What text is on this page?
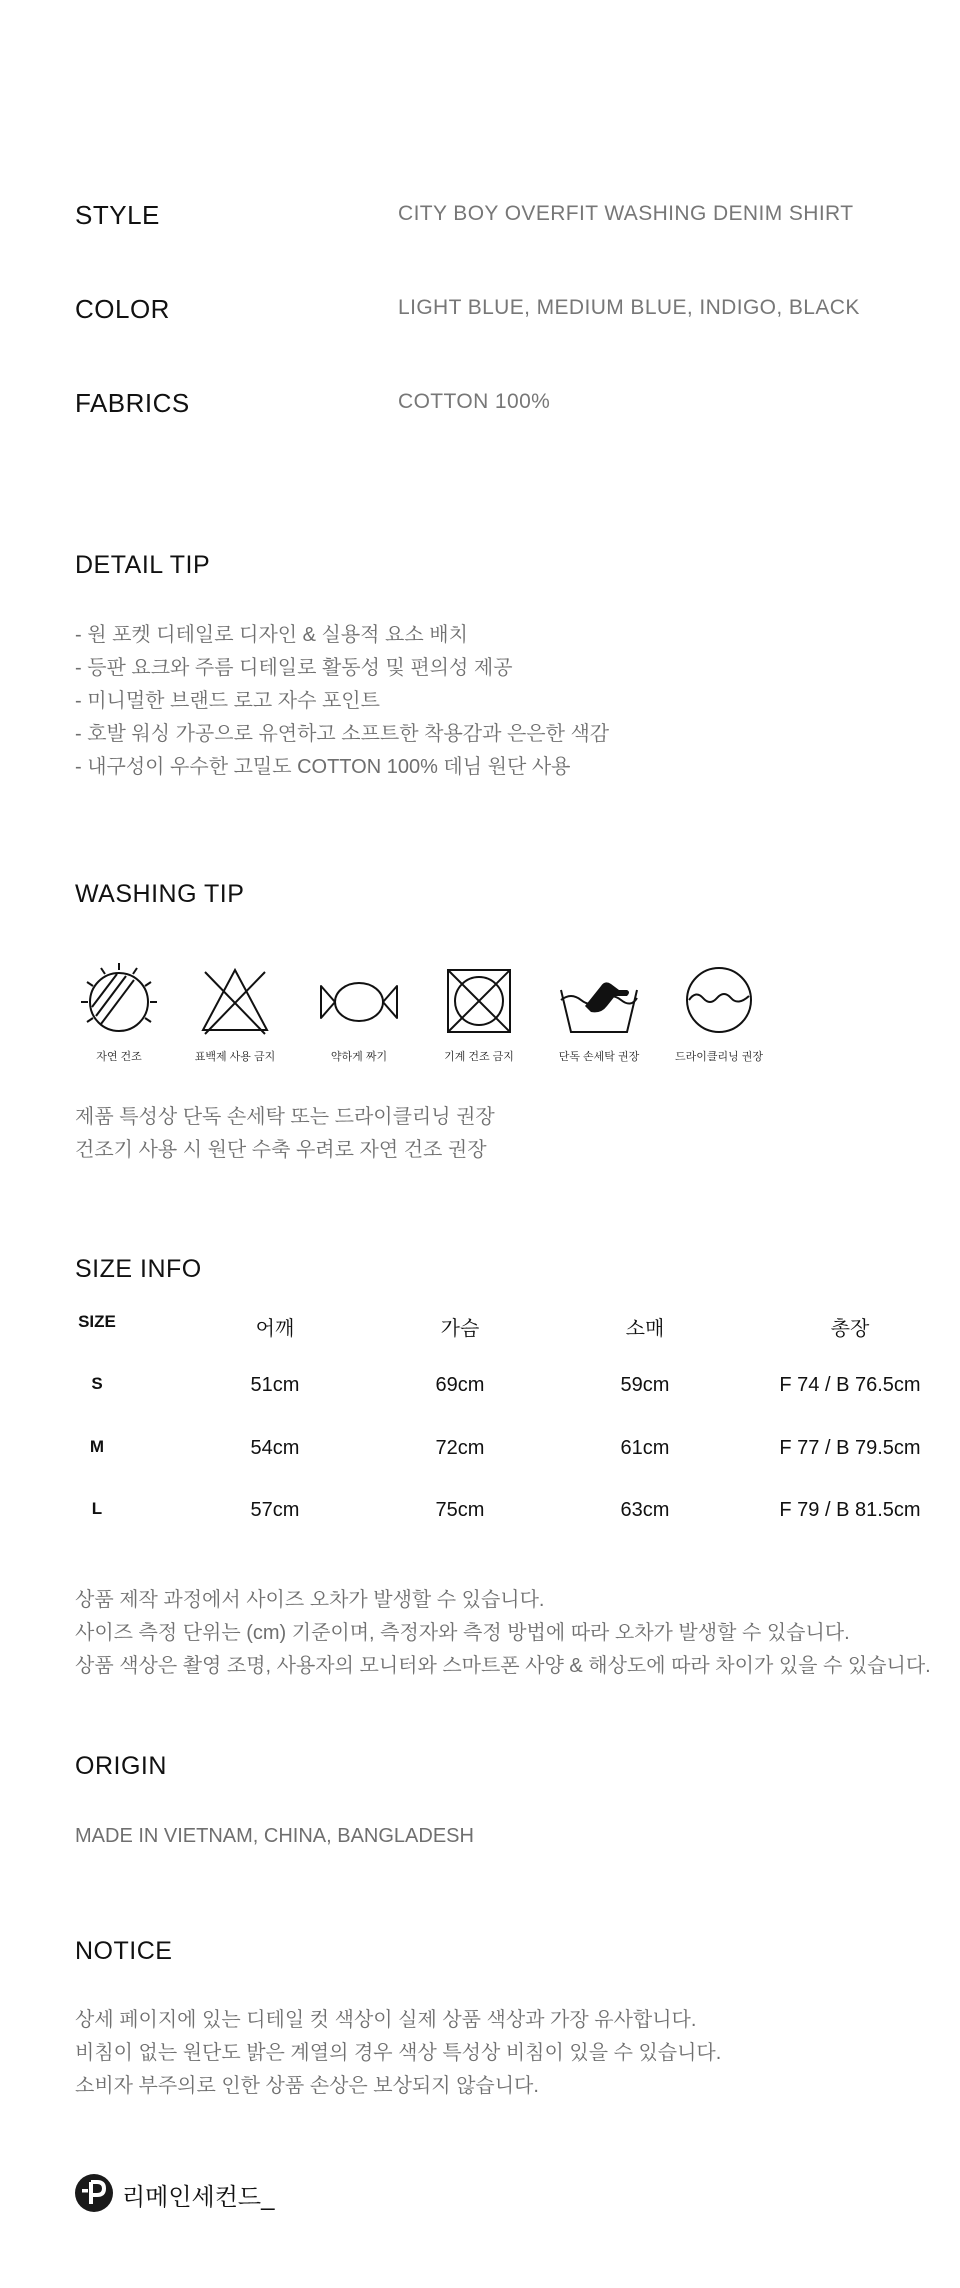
STYLE	CITY BOY OVERFIT WASHING DENIM SHIRT
COLOR	LIGHT BLUE, MEDIUM BLUE, INDIGO, BLACK
FABRICS	COTTON 100%
DETAIL TIP
- 원 포켓 디테일로 디자인 & 실용적 요소 배치
- 등판 요크와 주름 디테일로 활동성 및 편의성 제공
- 미니멀한 브랜드 로고 자수 포인트
- 호발 워싱 가공으로 유연하고 소프트한 착용감과 은은한 색감
- 내구성이 우수한 고밀도 COTTON 100% 데님 원단 사용
WASHING TIP
자연 건조	표백제 사용 금지	약하게 짜기	기계 건조 금지	단독 손세탁 권장	드라이클리닝 권장
제품 특성상 단독 손세탁 또는 드라이클리닝 권장
건조기 사용 시 원단 수축 우려로 자연 건조 권장
SIZE INFO
SIZE	어깨	가슴	소매	총장
S	51cm	69cm	59cm	F 74 / B 76.5cm
M	54cm	72cm	61cm	F 77 / B 79.5cm
L	57cm	75cm	63cm	F 79 / B 81.5cm
상품 제작 과정에서 사이즈 오차가 발생할 수 있습니다.
사이즈 측정 단위는 (cm) 기준이며, 측정자와 측정 방법에 따라 오차가 발생할 수 있습니다.
상품 색상은 촬영 조명, 사용자의 모니터와 스마트폰 사양 & 해상도에 따라 차이가 있을 수 있습니다.
ORIGIN
MADE IN VIETNAM, CHINA, BANGLADESH
NOTICE
상세 페이지에 있는 디테일 컷 색상이 실제 상품 색상과 가장 유사합니다.
비침이 없는 원단도 밝은 계열의 경우 색상 특성상 비침이 있을 수 있습니다.
소비자 부주의로 인한 상품 손상은 보상되지 않습니다.
리메인세컨드_
